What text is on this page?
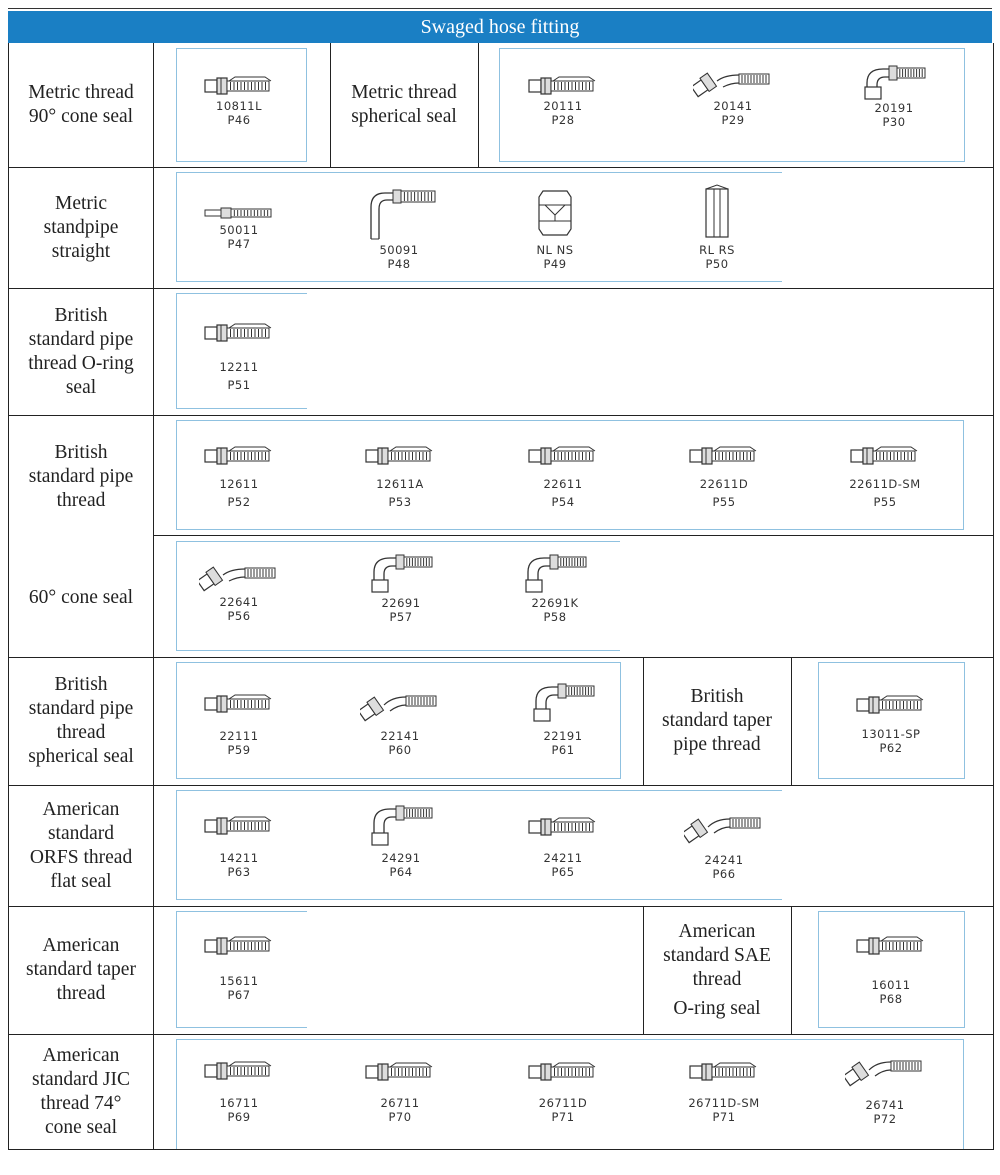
Swaged hose fitting
Metric thread
90° cone seal
Metric thread
spherical seal
10811L
P46
20111
P28
20141
P29
20191
P30
Metric
standpipe
straight
50011
P47	50091
P48
NL NS
P49
RL RS
P50
British
standard pipe
thread O-ring
seal
12211
P51
British
standard pipe
thread
60° cone seal
12611
P52
12611A
P53
22611
P54
22611D
P55
22611D-SM
P55
22641
P56
22691
P57
22691K
P58
British
standard pipe
thread
spherical seal
British
standard taper
pipe thread
22111
P59
22141
P60
22191
P61
13011-SP
P62
American
standard
ORFS thread
flat seal
14211
P63
24291
P64
24211
P65
24241
P66
American
standard taper
thread
American
standard SAE
thread
O-ring seal
15611
P67
16011
P68
American
standard JIC
thread 74°
cone seal
16711
P69
26711
P70
26711D
P71
26711D-SM
P71
26741
P72
